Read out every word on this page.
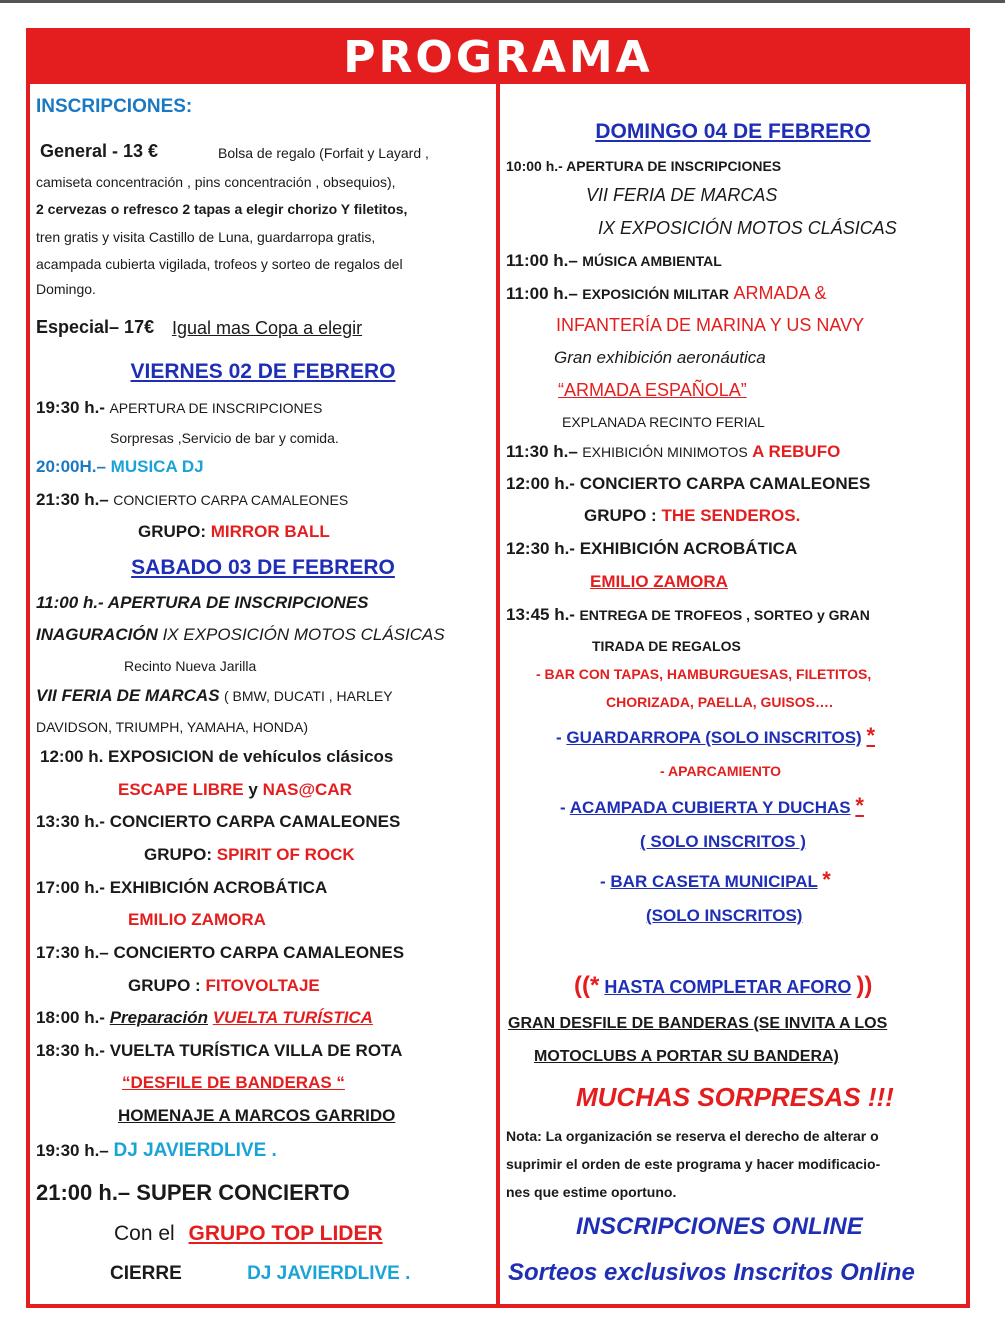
PROGRAMA
INSCRIPCIONES:
General - 13 €	Bolsa de regalo (Forfait y Layard ,
camiseta concentración , pins concentración , obsequios),
2 cervezas o refresco 2 tapas a elegir chorizo Y filetitos,
tren gratis y visita Castillo de Luna, guardarropa gratis,
acampada cubierta vigilada, trofeos y sorteo de regalos del
Domingo.
Especial– 17€ Igual mas Copa a elegir
VIERNES 02 DE FEBRERO
19:30 h.- APERTURA DE INSCRIPCIONES
Sorpresas ,Servicio de bar y comida.
20:00H.– MUSICA DJ
21:30 h.– CONCIERTO CARPA CAMALEONES
GRUPO: MIRROR BALL
SABADO 03 DE FEBRERO
11:00 h.- APERTURA DE INSCRIPCIONES
INAGURACIÓN IX EXPOSICIÓN MOTOS CLÁSICAS
Recinto Nueva Jarilla
VII FERIA DE MARCAS ( BMW, DUCATI , HARLEY
DAVIDSON, TRIUMPH, YAMAHA, HONDA)
12:00 h. EXPOSICION de vehículos clásicos
ESCAPE LIBRE y NAS@CAR
13:30 h.- CONCIERTO CARPA CAMALEONES
GRUPO: SPIRIT OF ROCK
17:00 h.- EXHIBICIÓN ACROBÁTICA
EMILIO ZAMORA
17:30 h.– CONCIERTO CARPA CAMALEONES
GRUPO : FITOVOLTAJE
18:00 h.- Preparación VUELTA TURÍSTICA
18:30 h.- VUELTA TURÍSTICA VILLA DE ROTA
“DESFILE DE BANDERAS “
HOMENAJE A MARCOS GARRIDO
19:30 h.– DJ JAVIERDLIVE .
21:00 h.– SUPER CONCIERTO
Con el GRUPO TOP LIDER
CIERRE	DJ JAVIERDLIVE .
DOMINGO 04 DE FEBRERO
10:00 h.- APERTURA DE INSCRIPCIONES
VII FERIA DE MARCAS
IX EXPOSICIÓN MOTOS CLÁSICAS
11:00 h.– MÚSICA AMBIENTAL
11:00 h.– EXPOSICIÓN MILITAR ARMADA &
INFANTERÍA DE MARINA Y US NAVY
Gran exhibición aeronáutica
“ARMADA ESPAÑOLA”
EXPLANADA RECINTO FERIAL
11:30 h.– EXHIBICIÓN MINIMOTOS A REBUFO
12:00 h.- CONCIERTO CARPA CAMALEONES
GRUPO : THE SENDEROS.
12:30 h.- EXHIBICIÓN ACROBÁTICA
EMILIO ZAMORA
13:45 h.- ENTREGA DE TROFEOS , SORTEO y GRAN
TIRADA DE REGALOS
- BAR CON TAPAS, HAMBURGUESAS, FILETITOS,
CHORIZADA, PAELLA, GUISOS….
- GUARDARROPA (SOLO INSCRITOS) *
- APARCAMIENTO
- ACAMPADA CUBIERTA Y DUCHAS *
( SOLO INSCRITOS )
- BAR CASETA MUNICIPAL *
(SOLO INSCRITOS)
((* HASTA COMPLETAR AFORO ))
GRAN DESFILE DE BANDERAS (SE INVITA A LOS
MOTOCLUBS A PORTAR SU BANDERA)
MUCHAS SORPRESAS !!!
Nota: La organización se reserva el derecho de alterar o
suprimir el orden de este programa y hacer modificacio-
nes que estime oportuno.
INSCRIPCIONES ONLINE
Sorteos exclusivos Inscritos Online
